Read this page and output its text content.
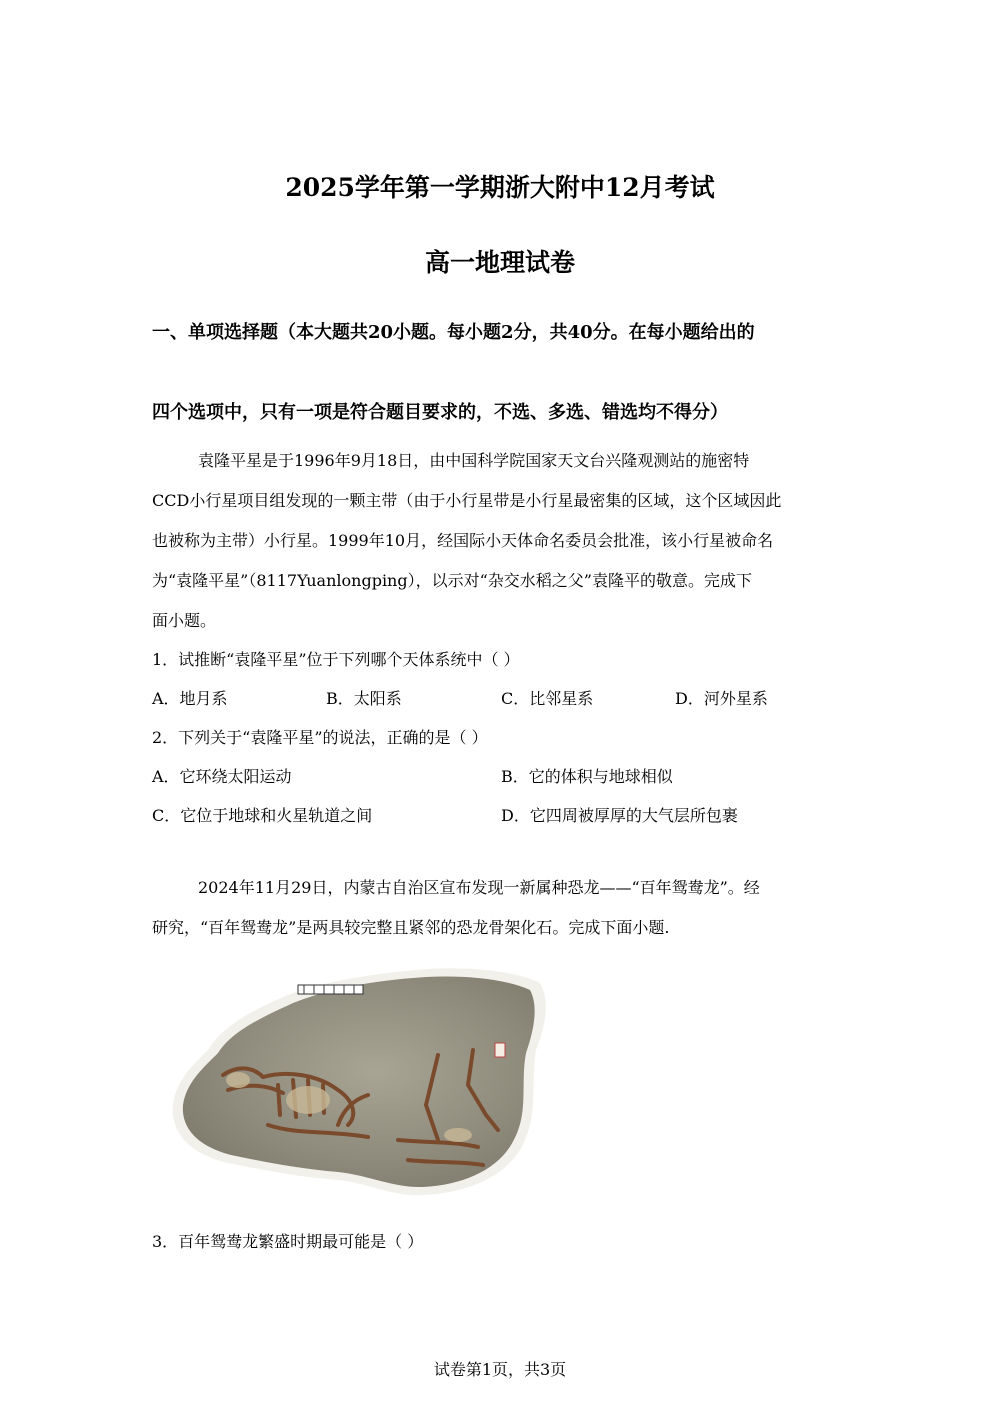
2025学年第一学期浙大附中12月考试
高一地理试卷
一、单项选择题（本大题共20小题。每小题2分，共40分。在每小题给出的
四个选项中，只有一项是符合题目要求的，不选、多选、错选均不得分）
袁隆平星是于1996年9月18日，由中国科学院国家天文台兴隆观测站的施密特
CCD小行星项目组发现的一颗主带（由于小行星带是小行星最密集的区域，这个区域因此
也被称为主带）小行星。1999年10月，经国际小天体命名委员会批准，该小行星被命名
为“袁隆平星”（8117Yuanlongping），以示对“杂交水稻之父”袁隆平的敬意。完成下
面小题。
1．试推断“袁隆平星”位于下列哪个天体系统中（ ）
A．地月系	B．太阳系	C．比邻星系	D．河外星系
2．下列关于“袁隆平星”的说法，正确的是（ ）
A．它环绕太阳运动	B．它的体积与地球相似
C．它位于地球和火星轨道之间	D．它四周被厚厚的大气层所包裹
2024年11月29日，内蒙古自治区宣布发现一新属种恐龙——“百年鸳鸯龙”。经
研究，“百年鸳鸯龙”是两具较完整且紧邻的恐龙骨架化石。完成下面小题.
3．百年鸳鸯龙繁盛时期最可能是（ ）
试卷第1页，共3页
